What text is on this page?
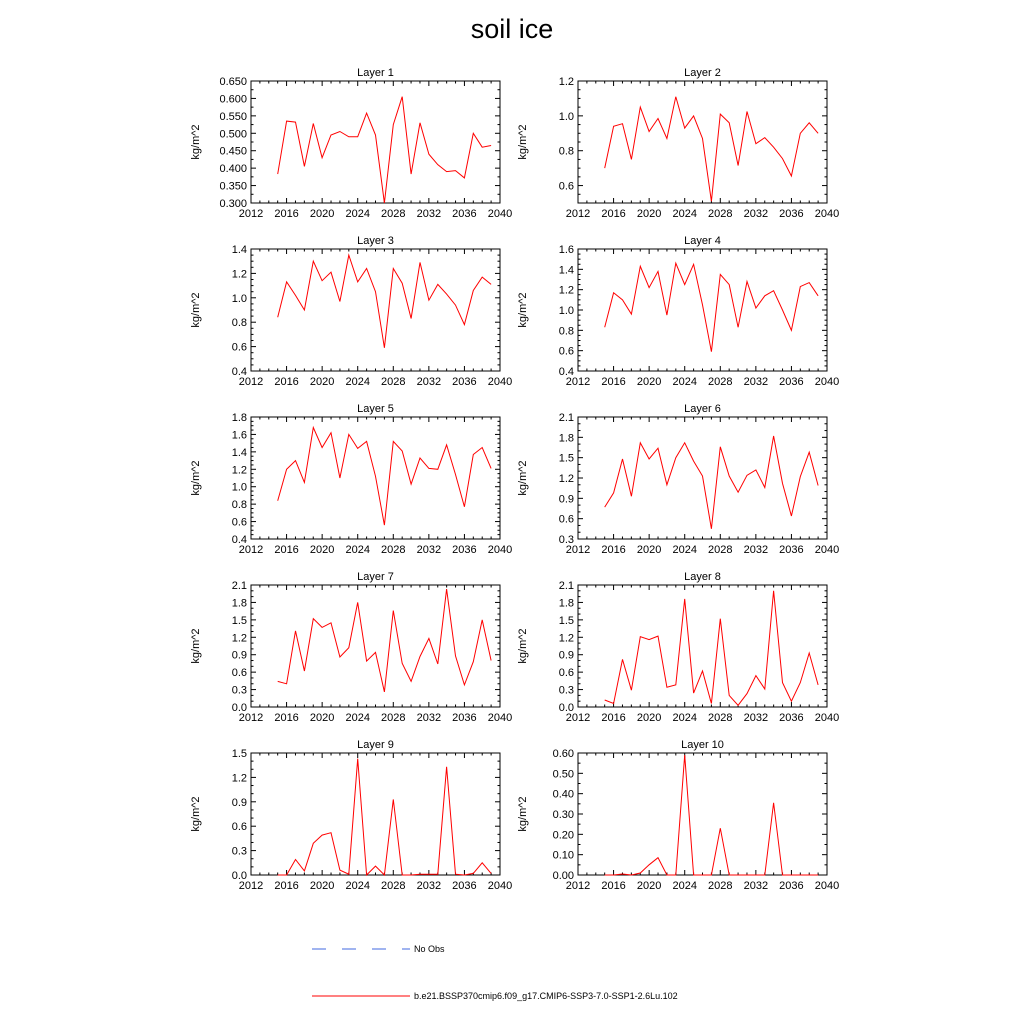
soil ice
Layer 1
kg/m^2
2012 2016 2020 2024 2028 2032 2036 2040
0.300
0.350
0.400
0.450
0.500
0.550
0.600
0.650
Layer 2
kg/m^2
2012 2016 2020 2024 2028 2032 2036 2040
0.6
0.8
1.0
1.2
Layer 3
kg/m^2
2012 2016 2020 2024 2028 2032 2036 2040
0.4
0.6
0.8
1.0
1.2
1.4
Layer 4
kg/m^2
2012 2016 2020 2024 2028 2032 2036 2040
0.4
0.6
0.8
1.0
1.2
1.4
1.6
Layer 5
kg/m^2
2012 2016 2020 2024 2028 2032 2036 2040
0.4
0.6
0.8
1.0
1.2
1.4
1.6
1.8
Layer 6
kg/m^2
2012 2016 2020 2024 2028 2032 2036 2040
0.3
0.6
0.9
1.2
1.5
1.8
2.1
Layer 7
kg/m^2
2012 2016 2020 2024 2028 2032 2036 2040
0.0
0.3
0.6
0.9
1.2
1.5
1.8
2.1
Layer 8
kg/m^2
2012 2016 2020 2024 2028 2032 2036 2040
0.0
0.3
0.6
0.9
1.2
1.5
1.8
2.1
Layer 9
kg/m^2
2012 2016 2020 2024 2028 2032 2036 2040
0.0
0.3
0.6
0.9
1.2
1.5
Layer 10
kg/m^2
2012 2016 2020 2024 2028 2032 2036 2040
0.00
0.10
0.20
0.30
0.40
0.50
0.60
No Obs
b.e21.BSSP370cmip6.f09_g17.CMIP6-SSP3-7.0-SSP1-2.6Lu.102
